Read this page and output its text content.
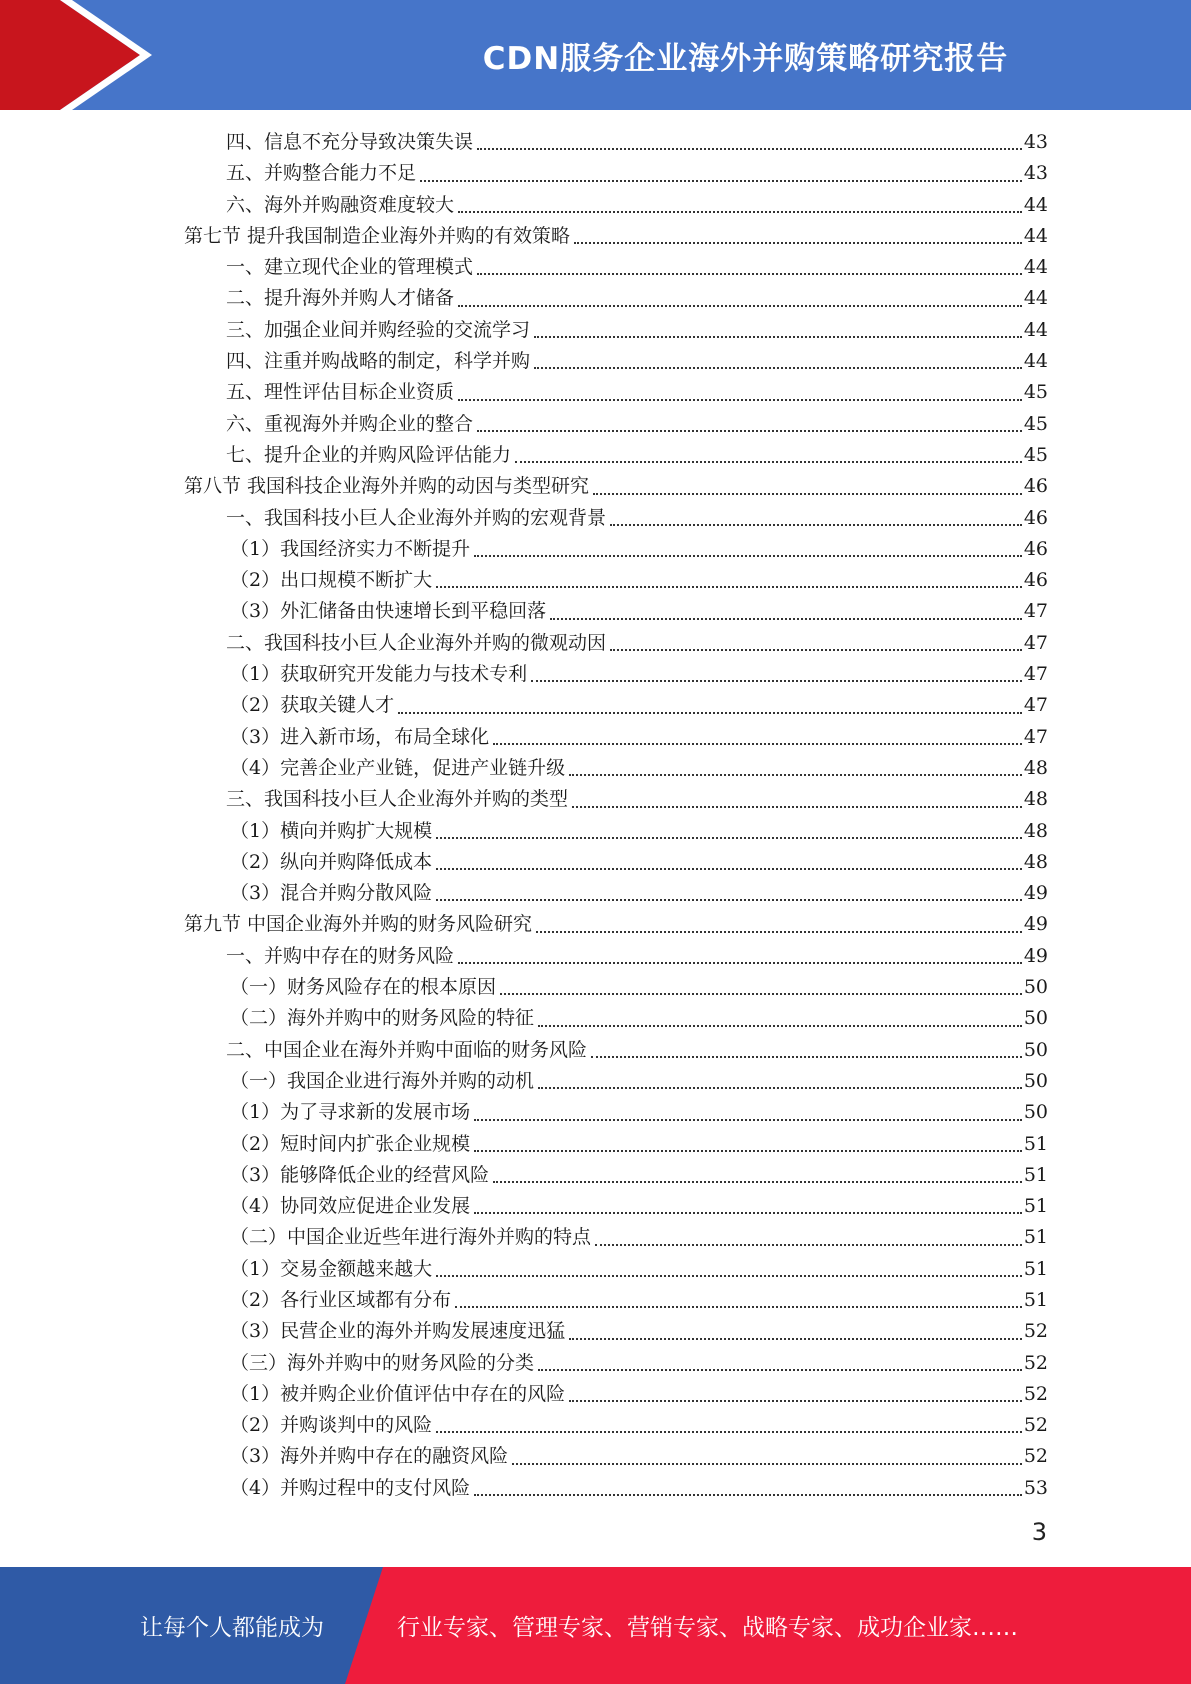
CDN服务企业海外并购策略研究报告
四、信息不充分导致决策失误	43
五、并购整合能力不足	43
六、海外并购融资难度较大	44
第七节 提升我国制造企业海外并购的有效策略	44
一、建立现代企业的管理模式	44
二、提升海外并购人才储备	44
三、加强企业间并购经验的交流学习	44
四、注重并购战略的制定，科学并购	44
五、理性评估目标企业资质	45
六、重视海外并购企业的整合	45
七、提升企业的并购风险评估能力	45
第八节 我国科技企业海外并购的动因与类型研究	46
一、我国科技小巨人企业海外并购的宏观背景	46
（1）我国经济实力不断提升	46
（2）出口规模不断扩大	46
（3）外汇储备由快速增长到平稳回落	47
二、我国科技小巨人企业海外并购的微观动因	47
（1）获取研究开发能力与技术专利	47
（2）获取关键人才	47
（3）进入新市场，布局全球化	47
（4）完善企业产业链，促进产业链升级	48
三、我国科技小巨人企业海外并购的类型	48
（1）横向并购扩大规模	48
（2）纵向并购降低成本	48
（3）混合并购分散风险	49
第九节 中国企业海外并购的财务风险研究	49
一、并购中存在的财务风险	49
（一）财务风险存在的根本原因	50
（二）海外并购中的财务风险的特征	50
二、中国企业在海外并购中面临的财务风险	50
（一）我国企业进行海外并购的动机	50
（1）为了寻求新的发展市场	50
（2）短时间内扩张企业规模	51
（3）能够降低企业的经营风险	51
（4）协同效应促进企业发展	51
（二）中国企业近些年进行海外并购的特点	51
（1）交易金额越来越大	51
（2）各行业区域都有分布	51
（3）民营企业的海外并购发展速度迅猛	52
（三）海外并购中的财务风险的分类	52
（1）被并购企业价值评估中存在的风险	52
（2）并购谈判中的风险	52
（3）海外并购中存在的融资风险	52
（4）并购过程中的支付风险	53
3
让每个人都能成为	行业专家、管理专家、营销专家、战略专家、成功企业家……
